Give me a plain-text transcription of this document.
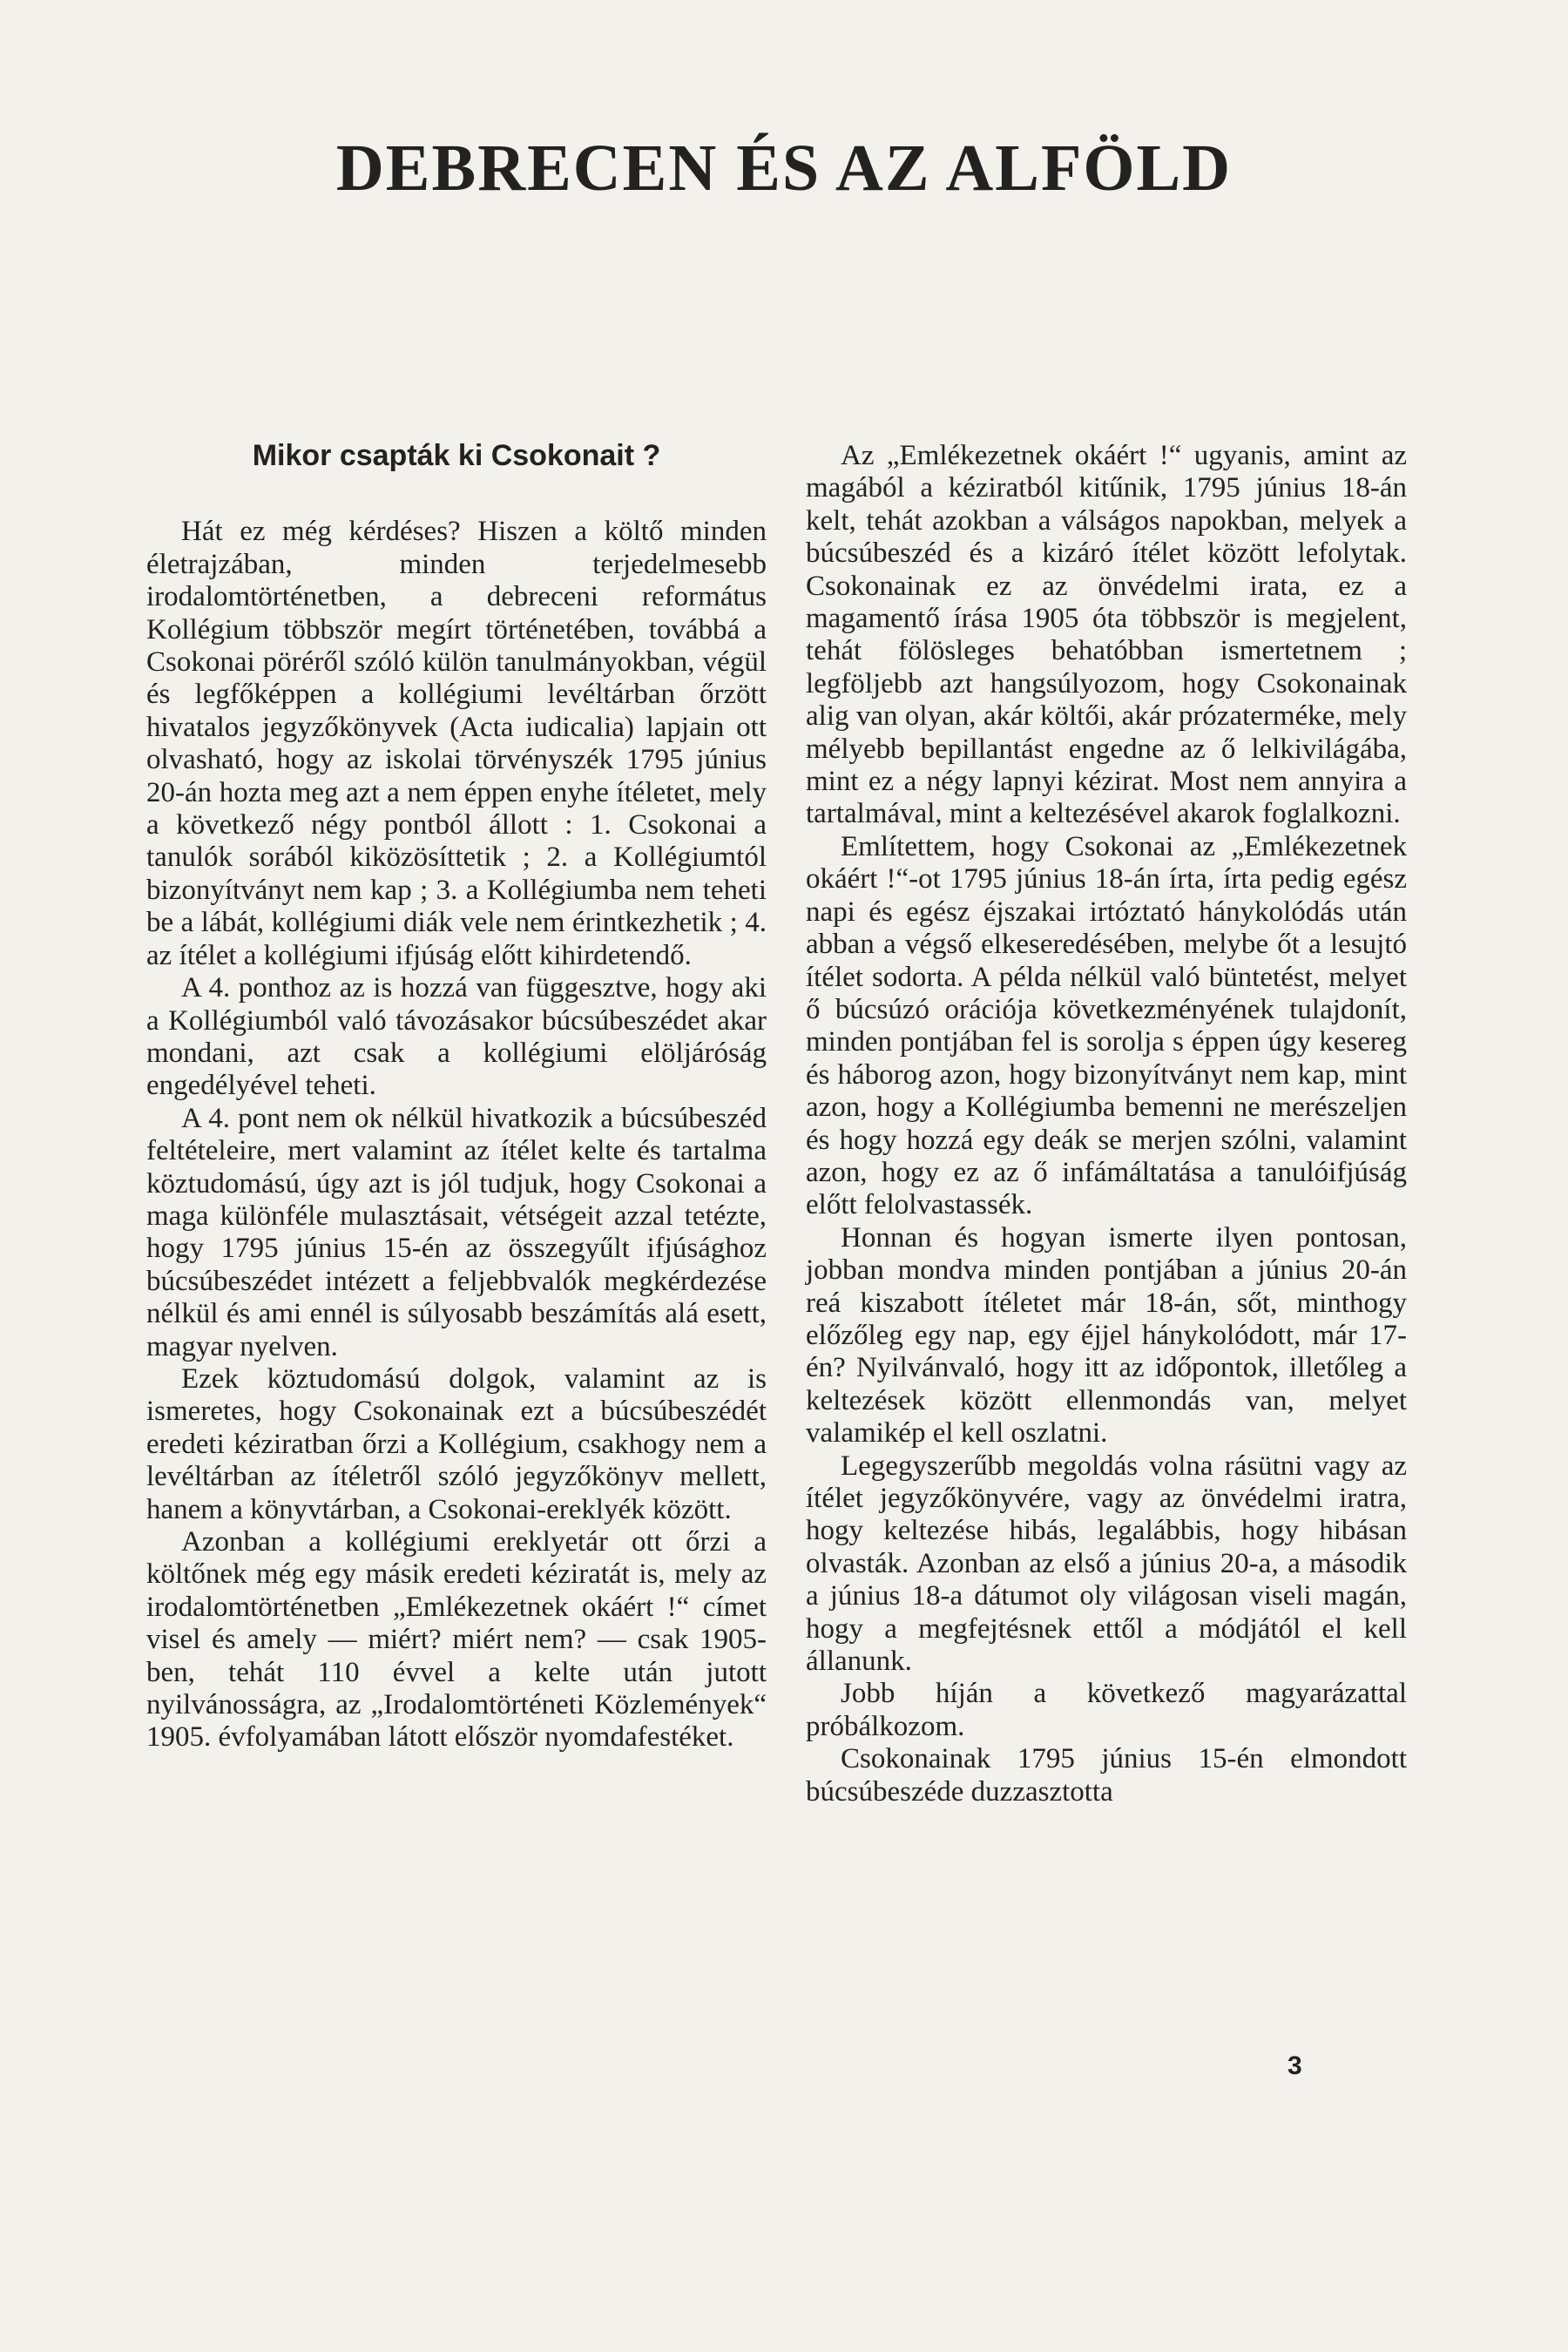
DEBRECEN ÉS AZ ALFÖLD
Mikor csapták ki Csokonait ?

Hát ez még kérdéses? Hiszen a költő minden életrajzában, minden terjedelmesebb irodalomtörténetben, a debreceni református Kollégium többször megírt történetében, továbbá a Csokonai pöréről szóló külön tanulmányokban, végül és legfőképpen a kollégiumi levéltárban őrzött hivatalos jegyzőkönyvek (Acta iudicalia) lapjain ott olvasható, hogy az iskolai törvényszék 1795 június 20-án hozta meg azt a nem éppen enyhe ítéletet, mely a következő négy pontból állott : 1. Csokonai a tanulók sorából kiközösíttetik ; 2. a Kollégiumtól bizonyítványt nem kap ; 3. a Kollégiumba nem teheti be a lábát, kollégiumi diák vele nem érintkezhetik ; 4. az ítélet a kollégiumi ifjúság előtt kihirdetendő.

A 4. ponthoz az is hozzá van függesztve, hogy aki a Kollégiumból való távozásakor búcsúbeszédet akar mondani, azt csak a kollégiumi elöljáróság engedélyével teheti.

A 4. pont nem ok nélkül hivatkozik a búcsúbeszéd feltételeire, mert valamint az ítélet kelte és tartalma köztudomású, úgy azt is jól tudjuk, hogy Csokonai a maga különféle mulasztásait, vétségeit azzal tetézte, hogy 1795 június 15-én az összegyűlt ifjúsághoz búcsúbeszédet intézett a feljebbvalók megkérdezése nélkül és ami ennél is súlyosabb beszámítás alá esett, magyar nyelven.

Ezek köztudomású dolgok, valamint az is ismeretes, hogy Csokonainak ezt a búcsúbeszédét eredeti kéziratban őrzi a Kollégium, csakhogy nem a levéltárban az ítéletről szóló jegyzőkönyv mellett, hanem a könyvtárban, a Csokonai-ereklyék között.

Azonban a kollégiumi ereklyetár ott őrzi a költőnek még egy másik eredeti kéziratát is, mely az irodalomtörténetben „Emlékezetnek okáért !“ címet visel és amely — miért? miért nem? — csak 1905-ben, tehát 110 évvel a kelte után jutott nyilvánosságra, az „Irodalomtörténeti Közlemények“ 1905. évfolyamában látott először nyomdafestéket.

Az „Emlékezetnek okáért !“ ugyanis, amint az magából a kéziratból kitűnik, 1795 június 18-án kelt, tehát azokban a válságos napokban, melyek a búcsúbeszéd és a kizáró ítélet között lefolytak. Csokonainak ez az önvédelmi irata, ez a magamentő írása 1905 óta többször is megjelent, tehát fölösleges behatóbban ismertetnem ; legföljebb azt hangsúlyozom, hogy Csokonainak alig van olyan, akár költői, akár prózaterméke, mely mélyebb bepillantást engedne az ő lelkivilágába, mint ez a négy lapnyi kézirat. Most nem annyira a tartalmával, mint a keltezésével akarok foglalkozni.

Említettem, hogy Csokonai az „Emlékezetnek okáért !“-ot 1795 június 18-án írta, írta pedig egész napi és egész éjszakai irtóztató hánykolódás után abban a végső elkeseredésében, melybe őt a lesujtó ítélet sodorta. A példa nélkül való büntetést, melyet ő búcsúzó orációja következményének tulajdonít, minden pontjában fel is sorolja s éppen úgy kesereg és háborog azon, hogy bizonyítványt nem kap, mint azon, hogy a Kollégiumba bemenni ne merészeljen és hogy hozzá egy deák se merjen szólni, valamint azon, hogy ez az ő infámáltatása a tanulóifjúság előtt felolvastassék.

Honnan és hogyan ismerte ilyen pontosan, jobban mondva minden pontjában a június 20-án reá kiszabott ítéletet már 18-án, sőt, minthogy előzőleg egy nap, egy éjjel hánykolódott, már 17-én? Nyilvánvaló, hogy itt az időpontok, illetőleg a keltezések között ellenmondás van, melyet valamikép el kell oszlatni.

Legegyszerűbb megoldás volna rásütni vagy az ítélet jegyzőkönyvére, vagy az önvédelmi iratra, hogy keltezése hibás, legalábbis, hogy hibásan olvasták. Azonban az első a június 20-a, a második a június 18-a dátumot oly világosan viseli magán, hogy a megfejtésnek ettől a módjától el kell állanunk.

Jobb híján a következő magyarázattal próbálkozom.

Csokonainak 1795 június 15-én elmondott búcsúbeszéde duzzasztotta

3
